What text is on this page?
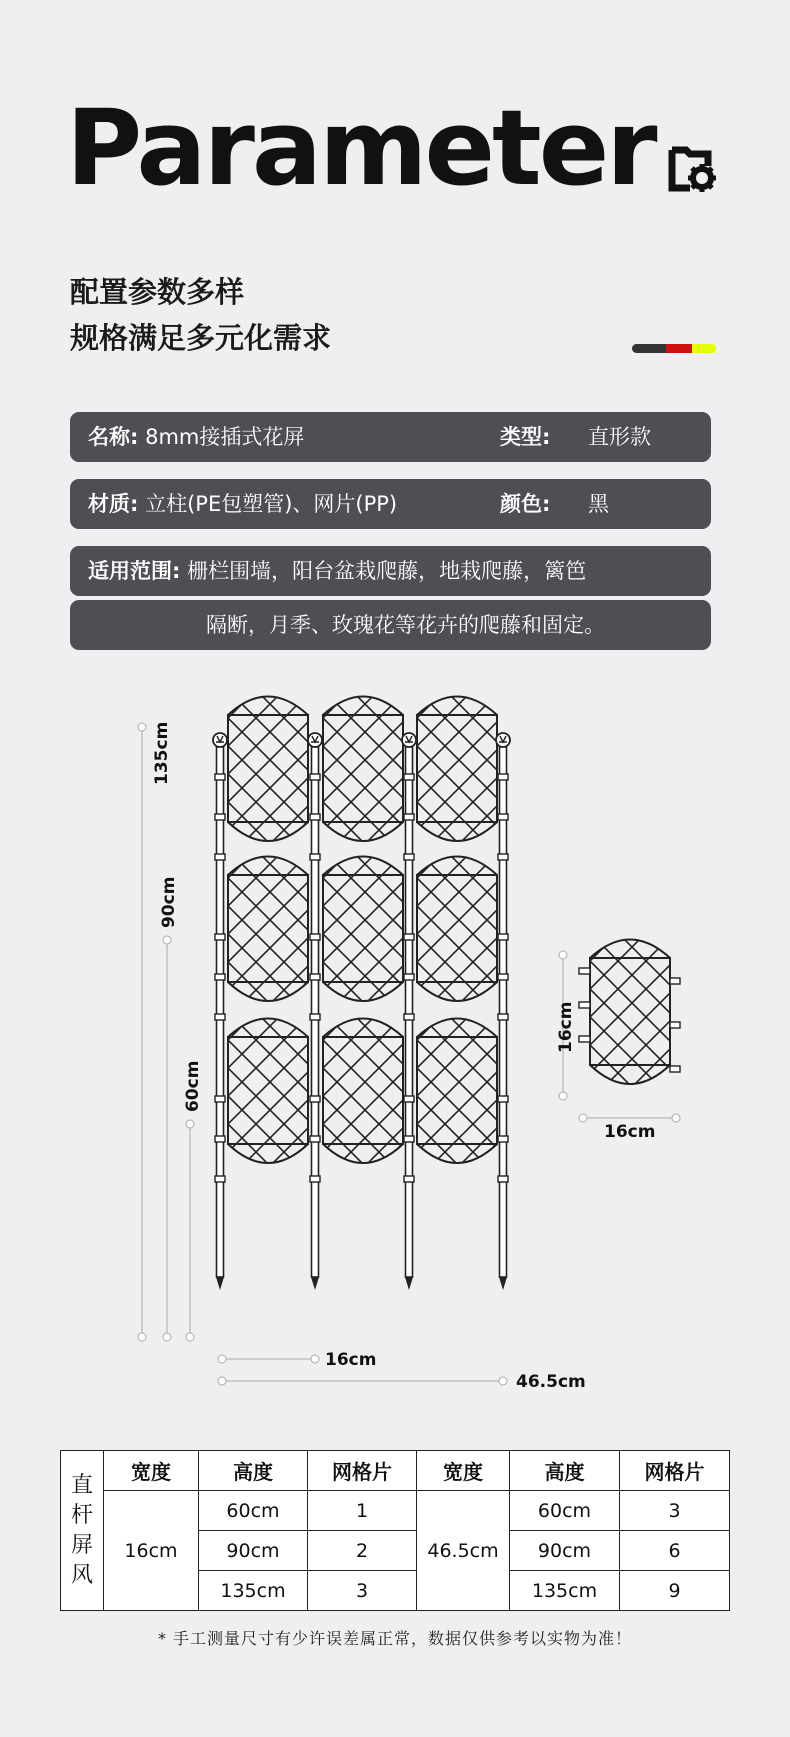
Parameter
配置参数多样
规格满足多元化需求
名称: 8mm接插式花屏	类型: 直形款
材质: 立柱(PE包塑管)、网片(PP)	颜色: 黑
适用范围: 栅栏围墙，阳台盆栽爬藤，地栽爬藤，篱笆
隔断，月季、玫瑰花等花卉的爬藤和固定。
135cm
90cm
60cm
16cm
46.5cm
16cm
16cm
直
杆
屏
风	宽度	高度	网格片	宽度	高度	网格片
	16cm	60cm	1	46.5cm	60cm	3
		90cm	2		90cm	6
		135cm	3		135cm	9
* 手工测量尺寸有少许误差属正常，数据仅供参考以实物为准！
